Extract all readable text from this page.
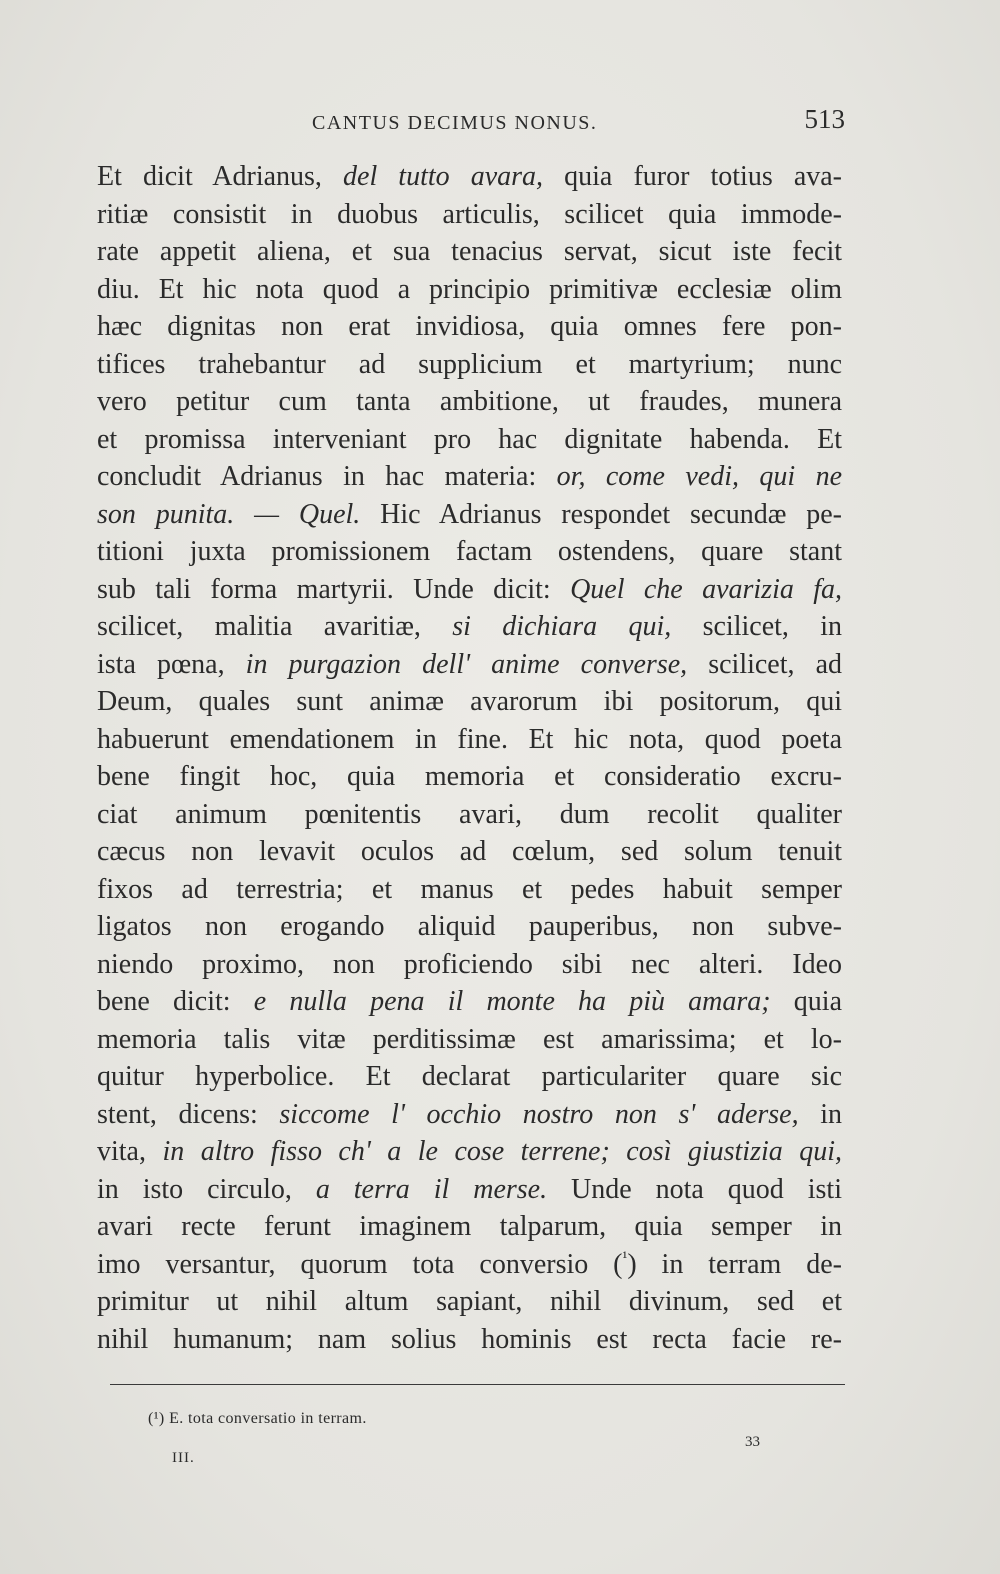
CANTUS DECIMUS NONUS.	513
Et dicit Adrianus, del tutto avara, quia furor totius ava-
ritiæ consistit in duobus articulis, scilicet quia immode-
rate appetit aliena, et sua tenacius servat, sicut iste fecit
diu. Et hic nota quod a principio primitivæ ecclesiæ olim
hæc dignitas non erat invidiosa, quia omnes fere pon-
tifices trahebantur ad supplicium et martyrium; nunc
vero petitur cum tanta ambitione, ut fraudes, munera
et promissa interveniant pro hac dignitate habenda. Et
concludit Adrianus in hac materia: or, come vedi, qui ne
son punita. — Quel. Hic Adrianus respondet secundæ pe-
titioni juxta promissionem factam ostendens, quare stant
sub tali forma martyrii. Unde dicit: Quel che avarizia fa,
scilicet, malitia avaritiæ, si dichiara qui, scilicet, in
ista pœna, in purgazion dell' anime converse, scilicet, ad
Deum, quales sunt animæ avarorum ibi positorum, qui
habuerunt emendationem in fine. Et hic nota, quod poeta
bene fingit hoc, quia memoria et consideratio excru-
ciat animum pœnitentis avari, dum recolit qualiter
cæcus non levavit oculos ad cœlum, sed solum tenuit
fixos ad terrestria; et manus et pedes habuit semper
ligatos non erogando aliquid pauperibus, non subve-
niendo proximo, non proficiendo sibi nec alteri. Ideo
bene dicit: e nulla pena il monte ha più amara; quia
memoria talis vitæ perditissimæ est amarissima; et lo-
quitur hyperbolice. Et declarat particulariter quare sic
stent, dicens: siccome l' occhio nostro non s' aderse, in
vita, in altro fisso ch' a le cose terrene; così giustizia qui,
in isto circulo, a terra il merse. Unde nota quod isti
avari recte ferunt imaginem talparum, quia semper in
imo versantur, quorum tota conversio ($^{^1}$) in terram de-
primitur ut nihil altum sapiant, nihil divinum, sed et
nihil humanum; nam solius hominis est recta facie re-
(¹) E. tota conversatio in terram.
III.
33
